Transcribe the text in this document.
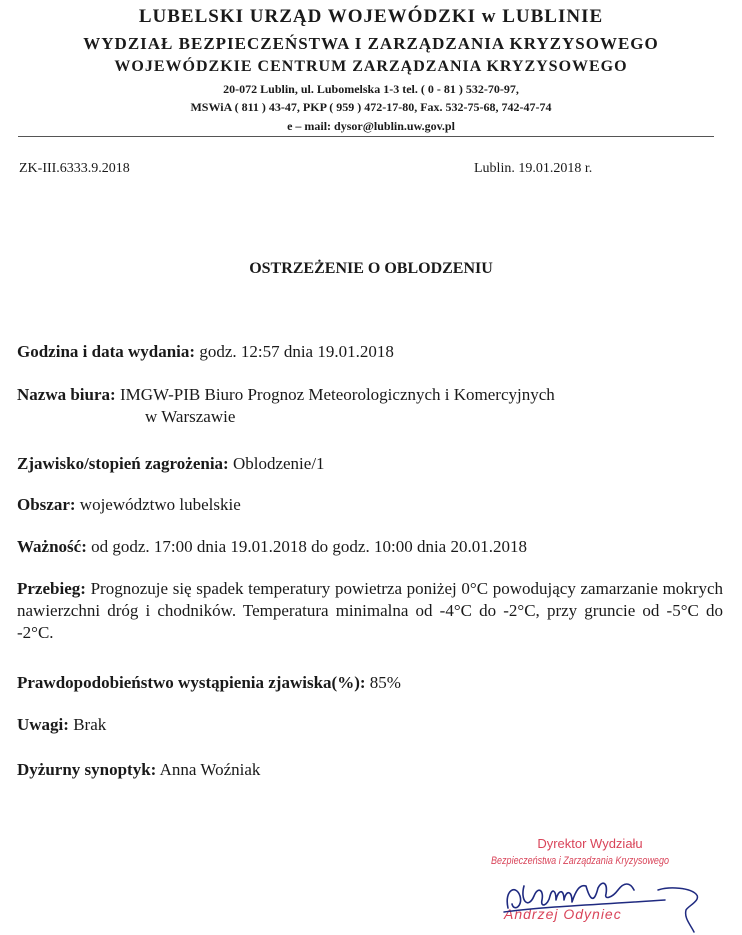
LUBELSKI URZĄD WOJEWÓDZKI w LUBLINIE
WYDZIAŁ BEZPIECZEŃSTWA I ZARZĄDZANIA KRYZYSOWEGO
WOJEWÓDZKIE CENTRUM ZARZĄDZANIA KRYZYSOWEGO
20-072 Lublin, ul. Lubomelska 1-3 tel. ( 0 - 81 ) 532-70-97,
MSWiA ( 811 ) 43-47, PKP ( 959 ) 472-17-80, Fax. 532-75-68, 742-47-74
e – mail: dysor@lublin.uw.gov.pl
ZK-III.6333.9.2018	Lublin. 19.01.2018 r.
OSTRZEŻENIE O OBLODZENIU
Godzina i data wydania: godz. 12:57 dnia 19.01.2018
Nazwa biura: IMGW-PIB Biuro Prognoz Meteorologicznych i Komercyjnych
w Warszawie
Zjawisko/stopień zagrożenia: Oblodzenie/1
Obszar: województwo lubelskie
Ważność: od godz. 17:00 dnia 19.01.2018 do godz. 10:00 dnia 20.01.2018
Przebieg: Prognozuje się spadek temperatury powietrza poniżej 0°C powodujący zamarzanie mokrych nawierzchni dróg i chodników. Temperatura minimalna od -4°C do -2°C, przy gruncie od -5°C do -2°C.
Prawdopodobieństwo wystąpienia zjawiska(%): 85%
Uwagi: Brak
Dyżurny synoptyk: Anna Woźniak
Dyrektor Wydziału
Bezpieczeństwa i Zarządzania Kryzysowego
Andrzej Odyniec
